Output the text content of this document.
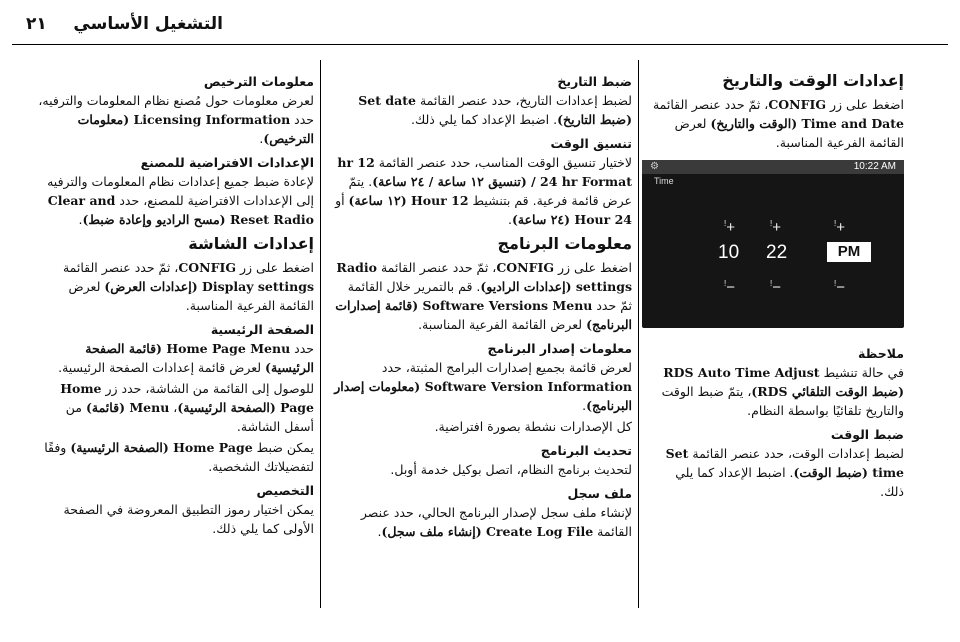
التشغيل الأساسي
٢١
إعدادات الوقت والتاريخ

اضغط على زر CONFIG، ثمّ حدد عنصر القائمة Time and Date (الوقت والتاريخ) لعرض القائمة الفرعية المناسبة.

⚙	10:22 AM
Time
!+	!+	!+
10 22	PM
!−	!−	!−
ملاحظة

في حالة تنشيط RDS Auto Time Adjust (ضبط الوقت التلقائي RDS)، يتمّ ضبط الوقت والتاريخ تلقائيًا بواسطة النظام.

ضبط الوقت

لضبط إعدادات الوقت، حدد عنصر القائمة Set time (ضبط الوقت). اضبط الإعداد كما يلي ذلك.

ضبط التاريخ

لضبط إعدادات التاريخ، حدد عنصر القائمة Set date (ضبط التاريخ). اضبط الإعداد كما يلي ذلك.

تنسيق الوقت

لاختيار تنسيق الوقت المناسب، حدد عنصر القائمة 12 hr / 24 hr Format (تنسيق ١٢ ساعة / ٢٤ ساعة). يتمّ عرض قائمة فرعية. قم بتنشيط 12 Hour (١٢ ساعة) أو 24 Hour (٢٤ ساعة).

معلومات البرنامج

اضغط على زر CONFIG، ثمّ حدد عنصر القائمة Radio settings (إعدادات الراديو). قم بالتمرير خلال القائمة ثمّ حدد Software Versions Menu (قائمة إصدارات البرنامج) لعرض القائمة الفرعية المناسبة.

معلومات إصدار البرنامج

لعرض قائمة بجميع إصدارات البرامج المثبتة، حدد Software Version Information (معلومات إصدار البرنامج).

كل الإصدارات نشطة بصورة افتراضية.

تحديث البرنامج

لتحديث برنامج النظام، اتصل بوكيل خدمة أوبل.

ملف سجل

لإنشاء ملف سجل لإصدار البرنامج الحالي، حدد عنصر القائمة Create Log File (إنشاء ملف سجل).

معلومات الترخيص

لعرض معلومات حول مُصنع نظام المعلومات والترفيه، حدد Licensing Information (معلومات الترخيص).

الإعدادات الافتراضية للمصنع

لإعادة ضبط جميع إعدادات نظام المعلومات والترفيه إلى الإعدادات الافتراضية للمصنع، حدد Clear and Reset Radio (مسح الراديو وإعادة ضبط).

إعدادات الشاشة

اضغط على زر CONFIG، ثمّ حدد عنصر القائمة Display settings (إعدادات العرض) لعرض القائمة الفرعية المناسبة.

الصفحة الرئيسية

حدد Home Page Menu (قائمة الصفحة الرئيسية) لعرض قائمة إعدادات الصفحة الرئيسية.

للوصول إلى القائمة من الشاشة، حدد زر Home Page (الصفحة الرئيسية)، Menu (قائمة) من أسفل الشاشة.

يمكن ضبط Home Page (الصفحة الرئيسية) وفقًا لتفضيلاتك الشخصية.

التخصيص

يمكن اختيار رموز التطبيق المعروضة في الصفحة الأولى كما يلي ذلك.
